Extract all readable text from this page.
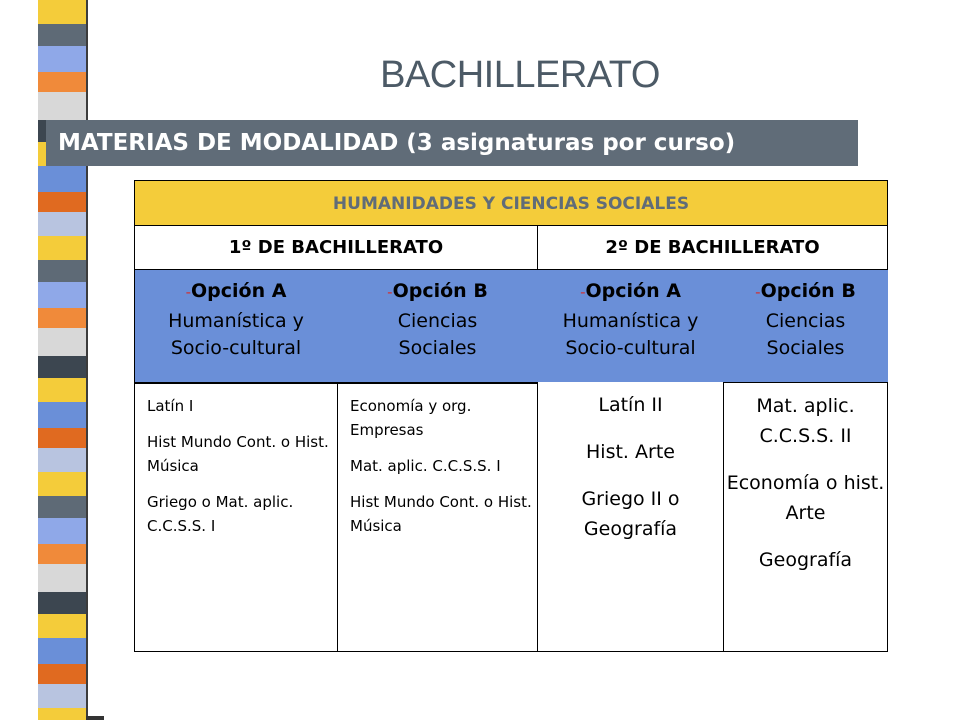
BACHILLERATO
MATERIAS DE MODALIDAD (3 asignaturas por curso)
HUMANIDADES Y CIENCIAS SOCIALES
1º DE BACHILLERATO	2º DE BACHILLERATO
-Opción A
Humanística y
Socio-cultural
-Opción B
Ciencias
Sociales
-Opción A
Humanística y
Socio-cultural
-Opción B
Ciencias
Sociales
Latín I
Hist Mundo Cont. o Hist. Música
Griego o Mat. aplic. C.C.S.S. I
Economía y org. Empresas
Mat. aplic. C.C.S.S. I
Hist Mundo Cont. o Hist. Música
Latín II
Hist. Arte
Griego II o Geografía
Mat. aplic. C.C.S.S. II
Economía o hist. Arte
Geografía
